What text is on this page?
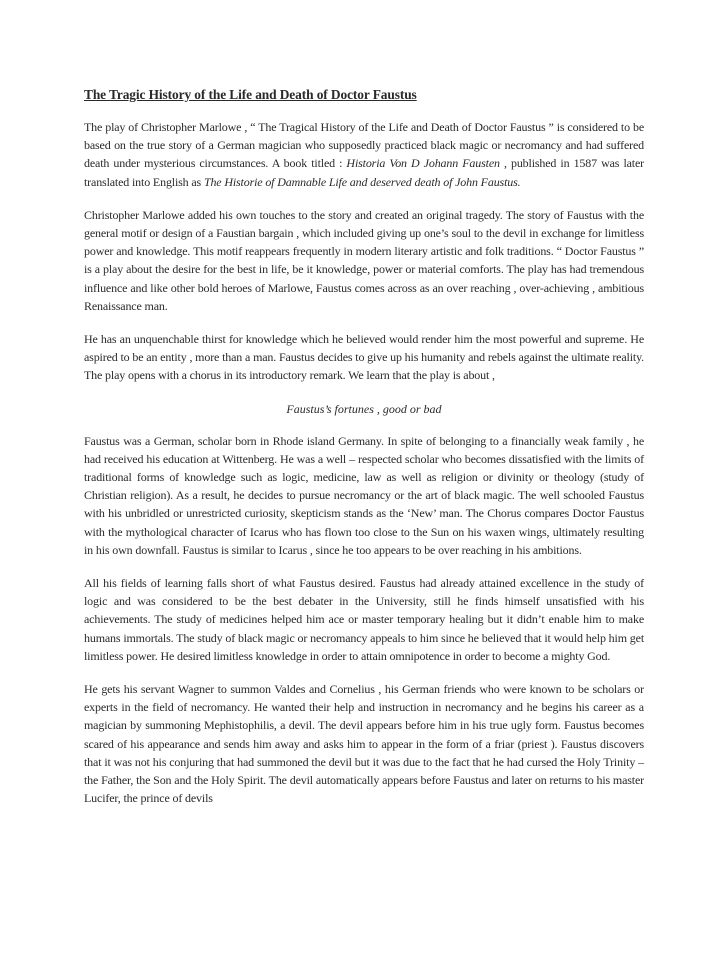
The Tragic History of the Life and Death of Doctor Faustus

The play of Christopher Marlowe , “ The Tragical History of the Life and Death of Doctor Faustus ” is considered to be based on the true story of a German magician who supposedly practiced black magic or necromancy and had suffered death under mysterious circumstances. A book titled : Historia Von D Johann Fausten , published in 1587 was later translated into English as The Historie of Damnable Life and deserved death of John Faustus.

Christopher Marlowe added his own touches to the story and created an original tragedy. The story of Faustus with the general motif or design of a Faustian bargain , which included giving up one’s soul to the devil in exchange for limitless power and knowledge. This motif reappears frequently in modern literary artistic and folk traditions. “ Doctor Faustus ” is a play about the desire for the best in life, be it knowledge, power or material comforts. The play has had tremendous influence and like other bold heroes of Marlowe, Faustus comes across as an over reaching , over-achieving , ambitious Renaissance man.

He has an unquenchable thirst for knowledge which he believed would render him the most powerful and supreme. He aspired to be an entity , more than a man. Faustus decides to give up his humanity and rebels against the ultimate reality. The play opens with a chorus in its introductory remark. We learn that the play is about ,

Faustus’s fortunes , good or bad

Faustus was a German, scholar born in Rhode island Germany. In spite of belonging to a financially weak family , he had received his education at Wittenberg. He was a well – respected scholar who becomes dissatisfied with the limits of traditional forms of knowledge such as logic, medicine, law as well as religion or divinity or theology (study of Christian religion). As a result, he decides to pursue necromancy or the art of black magic. The well schooled Faustus with his unbridled or unrestricted curiosity, skepticism stands as the ‘New’ man. The Chorus compares Doctor Faustus with the mythological character of Icarus who has flown too close to the Sun on his waxen wings, ultimately resulting in his own downfall. Faustus is similar to Icarus , since he too appears to be over reaching in his ambitions.

All his fields of learning falls short of what Faustus desired. Faustus had already attained excellence in the study of logic and was considered to be the best debater in the University, still he finds himself unsatisfied with his achievements. The study of medicines helped him ace or master temporary healing but it didn’t enable him to make humans immortals. The study of black magic or necromancy appeals to him since he believed that it would help him get limitless power. He desired limitless knowledge in order to attain omnipotence in order to become a mighty God.

He gets his servant Wagner to summon Valdes and Cornelius , his German friends who were known to be scholars or experts in the field of necromancy. He wanted their help and instruction in necromancy and he begins his career as a magician by summoning Mephistophilis, a devil. The devil appears before him in his true ugly form. Faustus becomes scared of his appearance and sends him away and asks him to appear in the form of a friar (priest ). Faustus discovers that it was not his conjuring that had summoned the devil but it was due to the fact that he had cursed the Holy Trinity – the Father, the Son and the Holy Spirit. The devil automatically appears before Faustus and later on returns to his master Lucifer, the prince of devils
